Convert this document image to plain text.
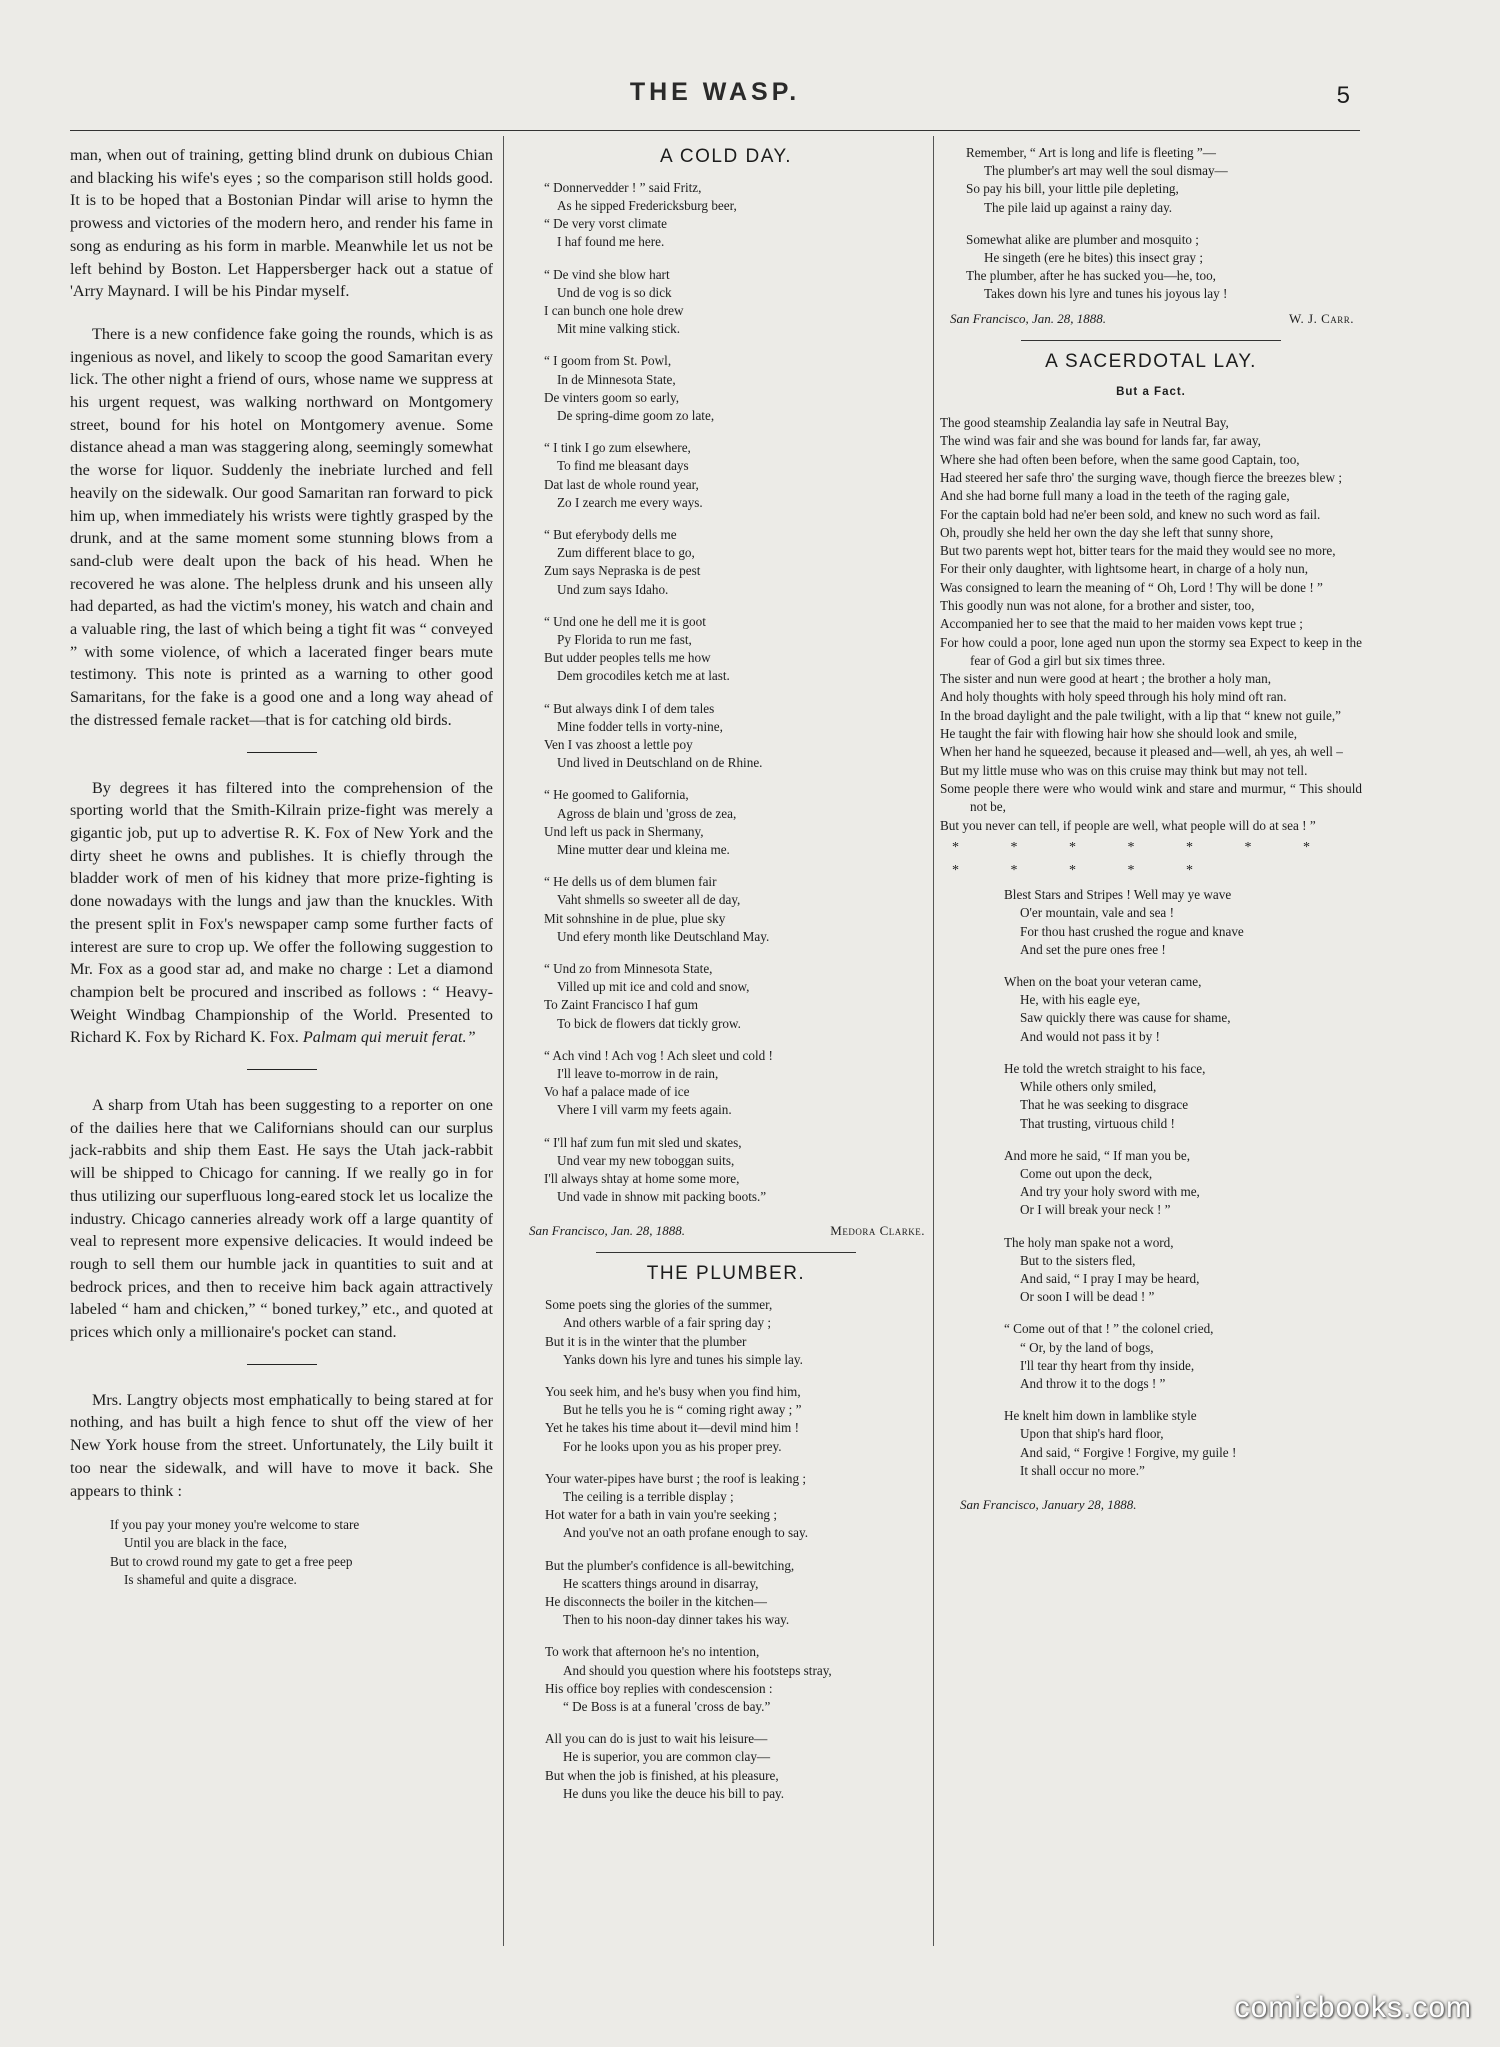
THE WASP.	5

man, when out of training, getting blind drunk on dubious Chian and blacking his wife's eyes ; so the comparison still holds good. It is to be hoped that a Bostonian Pindar will arise to hymn the prowess and victories of the modern hero, and render his fame in song as enduring as his form in marble. Meanwhile let us not be left behind by Boston. Let Happersberger hack out a statue of 'Arry Maynard. I will be his Pindar myself.

There is a new confidence fake going the rounds, which is as ingenious as novel, and likely to scoop the good Samaritan every lick. The other night a friend of ours, whose name we suppress at his urgent request, was walking northward on Montgomery street, bound for his hotel on Montgomery avenue. Some distance ahead a man was staggering along, seemingly somewhat the worse for liquor. Suddenly the inebriate lurched and fell heavily on the sidewalk. Our good Samaritan ran forward to pick him up, when immediately his wrists were tightly grasped by the drunk, and at the same moment some stunning blows from a sand-club were dealt upon the back of his head. When he recovered he was alone. The helpless drunk and his unseen ally had departed, as had the victim's money, his watch and chain and a valuable ring, the last of which being a tight fit was “ conveyed ” with some violence, of which a lacerated finger bears mute testimony. This note is printed as a warning to other good Samaritans, for the fake is a good one and a long way ahead of the distressed female racket—that is for catching old birds.

By degrees it has filtered into the comprehension of the sporting world that the Smith-Kilrain prize-fight was merely a gigantic job, put up to advertise R. K. Fox of New York and the dirty sheet he owns and publishes. It is chiefly through the bladder work of men of his kidney that more prize-fighting is done nowadays with the lungs and jaw than the knuckles. With the present split in Fox's newspaper camp some further facts of interest are sure to crop up. We offer the following suggestion to Mr. Fox as a good star ad, and make no charge : Let a diamond champion belt be procured and inscribed as follows : “ Heavy-Weight Windbag Championship of the World. Presented to Richard K. Fox by Richard K. Fox. Palmam qui meruit ferat.”

A sharp from Utah has been suggesting to a reporter on one of the dailies here that we Californians should can our surplus jack-rabbits and ship them East. He says the Utah jack-rabbit will be shipped to Chicago for canning. If we really go in for thus utilizing our superfluous long-eared stock let us localize the industry. Chicago canneries already work off a large quantity of veal to represent more expensive delicacies. It would indeed be rough to sell them our humble jack in quantities to suit and at bedrock prices, and then to receive him back again attractively labeled “ ham and chicken,” “ boned turkey,” etc., and quoted at prices which only a millionaire's pocket can stand.

Mrs. Langtry objects most emphatically to being stared at for nothing, and has built a high fence to shut off the view of her New York house from the street. Unfortunately, the Lily built it too near the sidewalk, and will have to move it back. She appears to think :

If you pay your money you're welcome to stare
Until you are black in the face,
But to crowd round my gate to get a free peep
Is shameful and quite a disgrace.
A COLD DAY.
“ Donnervedder ! ” said Fritz,
As he sipped Fredericksburg beer,
“ De very vorst climate
I haf found me here.
“ De vind she blow hart
Und de vog is so dick
I can bunch one hole drew
Mit mine valking stick.
“ I goom from St. Powl,
In de Minnesota State,
De vinters goom so early,
De spring-dime goom zo late,
“ I tink I go zum elsewhere,
To find me bleasant days
Dat last de whole round year,
Zo I zearch me every ways.
“ But eferybody dells me
Zum different blace to go,
Zum says Nepraska is de pest
Und zum says Idaho.
“ Und one he dell me it is goot
Py Florida to run me fast,
But udder peoples tells me how
Dem grocodiles ketch me at last.
“ But always dink I of dem tales
Mine fodder tells in vorty-nine,
Ven I vas zhoost a lettle poy
Und lived in Deutschland on de Rhine.
“ He goomed to Galifornia,
Agross de blain und 'gross de zea,
Und left us pack in Shermany,
Mine mutter dear und kleina me.
“ He dells us of dem blumen fair
Vaht shmells so sweeter all de day,
Mit sohnshine in de plue, plue sky
Und efery month like Deutschland May.
“ Und zo from Minnesota State,
Villed up mit ice and cold and snow,
To Zaint Francisco I haf gum
To bick de flowers dat tickly grow.
“ Ach vind ! Ach vog ! Ach sleet und cold !
I'll leave to-morrow in de rain,
Vo haf a palace made of ice
Vhere I vill varm my feets again.
“ I'll haf zum fun mit sled und skates,
Und vear my new toboggan suits,
I'll always shtay at home some more,
Und vade in shnow mit packing boots.”
San Francisco, Jan. 28, 1888.	Medora Clarke.
THE PLUMBER.
Some poets sing the glories of the summer,
And others warble of a fair spring day ;
But it is in the winter that the plumber
Yanks down his lyre and tunes his simple lay.
You seek him, and he's busy when you find him,
But he tells you he is “ coming right away ; ”
Yet he takes his time about it—devil mind him !
For he looks upon you as his proper prey.
Your water-pipes have burst ; the roof is leaking ;
The ceiling is a terrible display ;
Hot water for a bath in vain you're seeking ;
And you've not an oath profane enough to say.
But the plumber's confidence is all-bewitching,
He scatters things around in disarray,
He disconnects the boiler in the kitchen—
Then to his noon-day dinner takes his way.
To work that afternoon he's no intention,
And should you question where his footsteps stray,
His office boy replies with condescension :
“ De Boss is at a funeral 'cross de bay.”
All you can do is just to wait his leisure—
He is superior, you are common clay—
But when the job is finished, at his pleasure,
He duns you like the deuce his bill to pay.
Remember, “ Art is long and life is fleeting ”—
The plumber's art may well the soul dismay—
So pay his bill, your little pile depleting,
The pile laid up against a rainy day.
Somewhat alike are plumber and mosquito ;
He singeth (ere he bites) this insect gray ;
The plumber, after he has sucked you—he, too,
Takes down his lyre and tunes his joyous lay !
San Francisco, Jan. 28, 1888.	W. J. Carr.
A SACERDOTAL LAY.
But a Fact.

The good steamship Zealandia lay safe in Neutral Bay,

The wind was fair and she was bound for lands far, far away,

Where she had often been before, when the same good Captain, too,

Had steered her safe thro' the surging wave, though fierce the breezes blew ;

And she had borne full many a load in the teeth of the raging gale,

For the captain bold had ne'er been sold, and knew no such word as fail.

Oh, proudly she held her own the day she left that sunny shore,

But two parents wept hot, bitter tears for the maid they would see no more,

For their only daughter, with lightsome heart, in charge of a holy nun,

Was consigned to learn the meaning of “ Oh, Lord ! Thy will be done ! ”

This goodly nun was not alone, for a brother and sister, too,

Accompanied her to see that the maid to her maiden vows kept true ;

For how could a poor, lone aged nun upon the stormy sea Expect to keep in the fear of God a girl but six times three.

The sister and nun were good at heart ; the brother a holy man,

And holy thoughts with holy speed through his holy mind oft ran.

In the broad daylight and the pale twilight, with a lip that “ knew not guile,”

He taught the fair with flowing hair how she should look and smile,

When her hand he squeezed, because it pleased and—well, ah yes, ah well –

But my little muse who was on this cruise may think but may not tell.

Some people there were who would wink and stare and murmur, “ This should not be,

But you never can tell, if people are well, what people will do at sea ! ”

* * * * * * * * * * * *
Blest Stars and Stripes ! Well may ye wave
O'er mountain, vale and sea !
For thou hast crushed the rogue and knave
And set the pure ones free !
When on the boat your veteran came,
He, with his eagle eye,
Saw quickly there was cause for shame,
And would not pass it by !
He told the wretch straight to his face,
While others only smiled,
That he was seeking to disgrace
That trusting, virtuous child !
And more he said, “ If man you be,
Come out upon the deck,
And try your holy sword with me,
Or I will break your neck ! ”
The holy man spake not a word,
But to the sisters fled,
And said, “ I pray I may be heard,
Or soon I will be dead ! ”
“ Come out of that ! ” the colonel cried,
“ Or, by the land of bogs,
I'll tear thy heart from thy inside,
And throw it to the dogs ! ”
He knelt him down in lamblike style
Upon that ship's hard floor,
And said, “ Forgive ! Forgive, my guile !
It shall occur no more.”
San Francisco, January 28, 1888.
comicbooks.com
